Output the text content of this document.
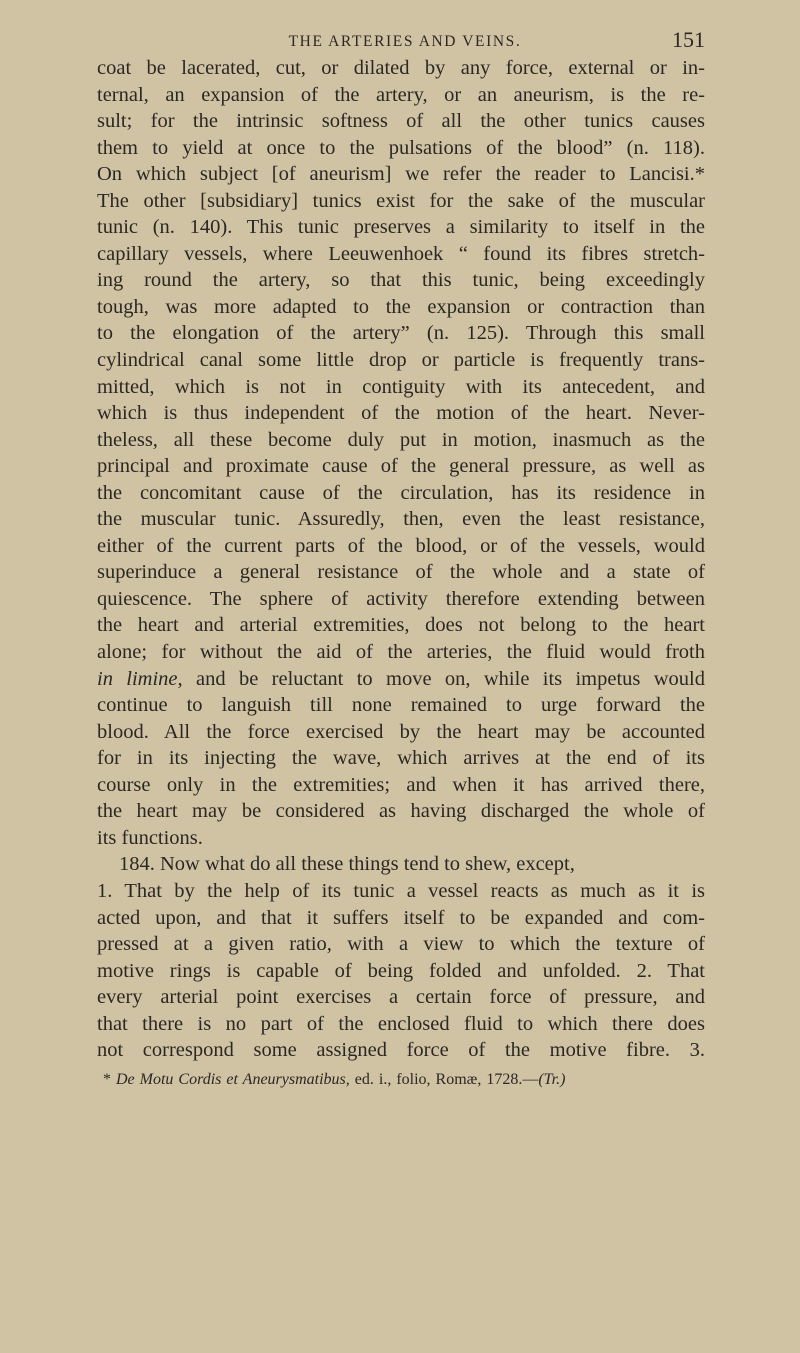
THE ARTERIES AND VEINS.	151
coat be lacerated, cut, or dilated by any force, external or in-
ternal, an expansion of the artery, or an aneurism, is the re-
sult; for the intrinsic softness of all the other tunics causes
them to yield at once to the pulsations of the blood” (n. 118).
On which subject [of aneurism] we refer the reader to Lancisi.*
The other [subsidiary] tunics exist for the sake of the muscular
tunic (n. 140). This tunic preserves a similarity to itself in the
capillary vessels, where Leeuwenhoek “ found its fibres stretch-
ing round the artery, so that this tunic, being exceedingly
tough, was more adapted to the expansion or contraction than
to the elongation of the artery” (n. 125). Through this small
cylindrical canal some little drop or particle is frequently trans-
mitted, which is not in contiguity with its antecedent, and
which is thus independent of the motion of the heart. Never-
theless, all these become duly put in motion, inasmuch as the
principal and proximate cause of the general pressure, as well as
the concomitant cause of the circulation, has its residence in
the muscular tunic. Assuredly, then, even the least resistance,
either of the current parts of the blood, or of the vessels, would
superinduce a general resistance of the whole and a state of
quiescence. The sphere of activity therefore extending between
the heart and arterial extremities, does not belong to the heart
alone; for without the aid of the arteries, the fluid would froth
in limine, and be reluctant to move on, while its impetus would
continue to languish till none remained to urge forward the
blood. All the force exercised by the heart may be accounted
for in its injecting the wave, which arrives at the end of its
course only in the extremities; and when it has arrived there,
the heart may be considered as having discharged the whole of
its functions.
184. Now what do all these things tend to shew, except,
1. That by the help of its tunic a vessel reacts as much as it is
acted upon, and that it suffers itself to be expanded and com-
pressed at a given ratio, with a view to which the texture of
motive rings is capable of being folded and unfolded. 2. That
every arterial point exercises a certain force of pressure, and
that there is no part of the enclosed fluid to which there does
not correspond some assigned force of the motive fibre. 3.
* De Motu Cordis et Aneurysmatibus, ed. i., folio, Romæ, 1728.—(Tr.)
